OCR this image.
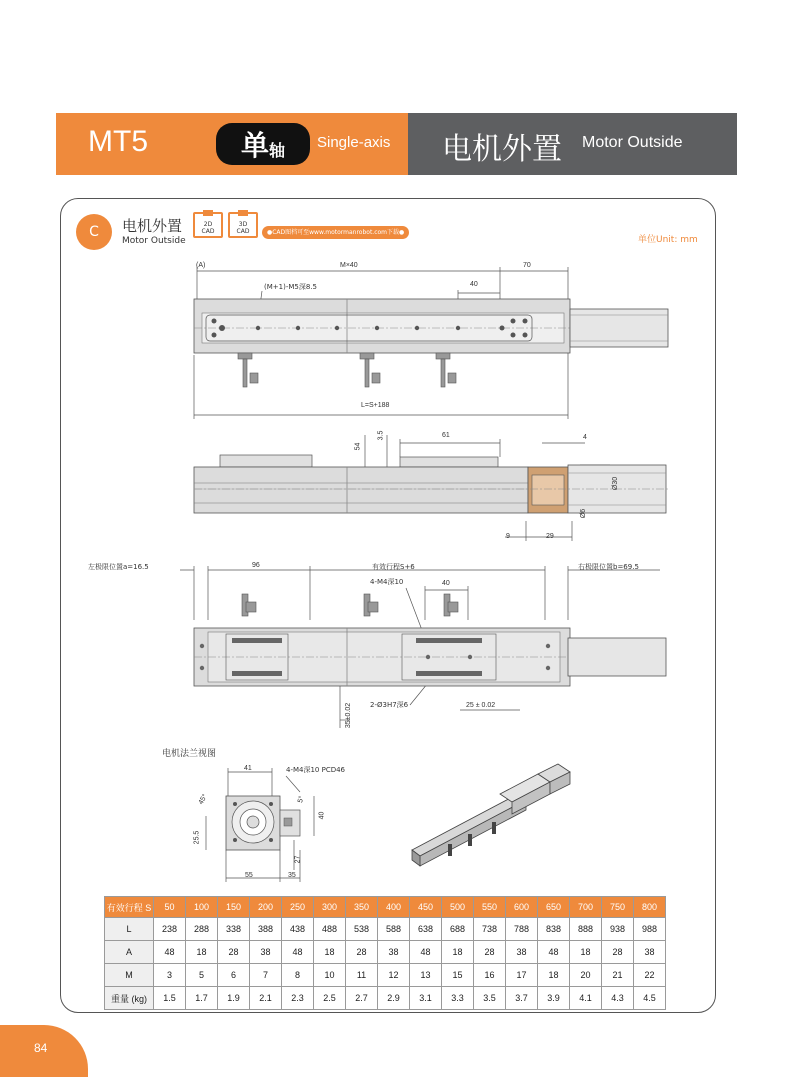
MT5	单 轴 Single-axis 电机外置 Motor Outside
C	电机外置
Motor Outside
2D
CAD
3D
CAD	●CAD图档可至www.motormanrobot.com下载●
单位Unit: mm
(A)	M×40	70
(M+1)-M5深8.5	40
L=S+188
54
3.5	61	4
Ø30
Ø6
9	29
左极限位置a=16.5	96	有效行程S+6	右极限位置b=69.5
4-M4深10	40
2-Ø3H7深6	25 ± 0.02
35±0.02
电机法兰视图
41	4-M4深10 PCD46
45°	5°
40
25.5
27
55	35
有效行程 S	50	100	150	200	250	300	350	400	450	500	550	600	650	700	750	800
L	238	288	338	388	438	488	538	588	638	688	738	788	838	888	938	988
A	48	18	28	38	48	18	28	38	48	18	28	38	48	18	28	38
M	3	5	6	7	8	10	11	12	13	15	16	17	18	20	21	22
重量 (kg)	1.5	1.7	1.9	2.1	2.3	2.5	2.7	2.9	3.1	3.3	3.5	3.7	3.9	4.1	4.3	4.5
84
